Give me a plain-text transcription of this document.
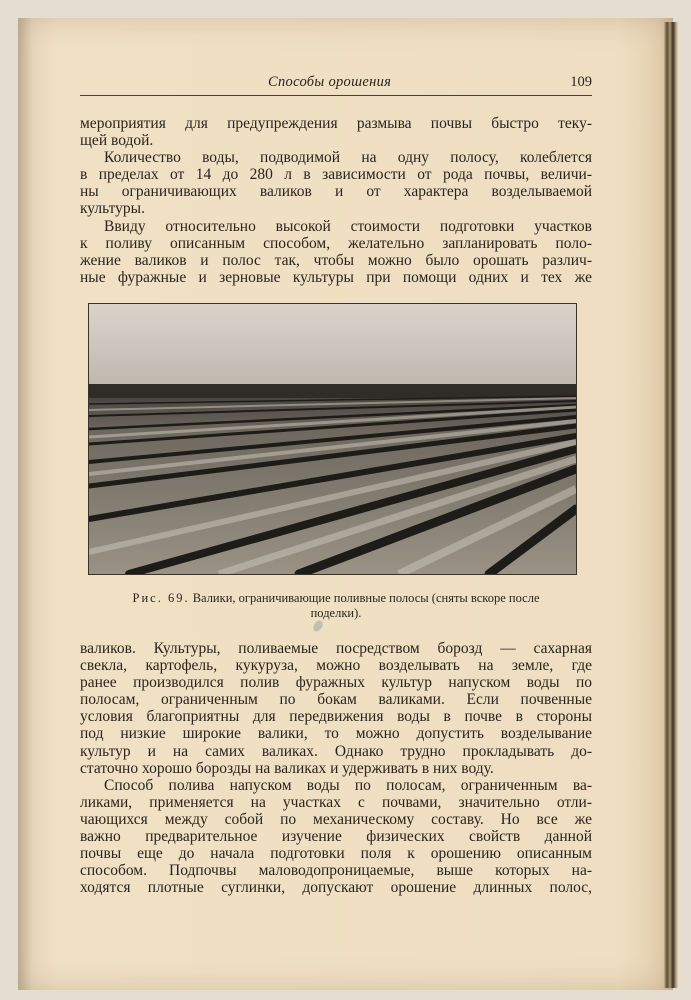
Способы орошения	109
мероприятия для предупреждения размыва почвы быстро теку-
щей водой.
Количество воды, подводимой на одну полосу, колеблется
в пределах от 14 до 280 л в зависимости от рода почвы, величи-
ны ограничивающих валиков и от характера возделываемой
культуры.
Ввиду относительно высокой стоимости подготовки участков
к поливу описанным способом, желательно запланировать поло-
жение валиков и полос так, чтобы можно было орошать различ-
ные фуражные и зерновые культуры при помощи одних и тех же
Рис. 69. Валики, ограничивающие поливные полосы (сняты вскоре после
поделки).
валиков. Культуры, поливаемые посредством борозд — сахарная
свекла, картофель, кукуруза, можно возделывать на земле, где
ранее производился полив фуражных культур напуском воды по
полосам, ограниченным по бокам валиками. Если почвенные
условия благоприятны для передвижения воды в почве в стороны
под низкие широкие валики, то можно допустить возделывание
культур и на самих валиках. Однако трудно прокладывать до-
статочно хорошо борозды на валиках и удерживать в них воду.
Способ полива напуском воды по полосам, ограниченным ва-
ликами, применяется на участках с почвами, значительно отли-
чающихся между собой по механическому составу. Но все же
важно предварительное изучение физических свойств данной
почвы еще до начала подготовки поля к орошению описанным
способом. Подпочвы маловодопроницаемые, выше которых на-
ходятся плотные суглинки, допускают орошение длинных полос,
